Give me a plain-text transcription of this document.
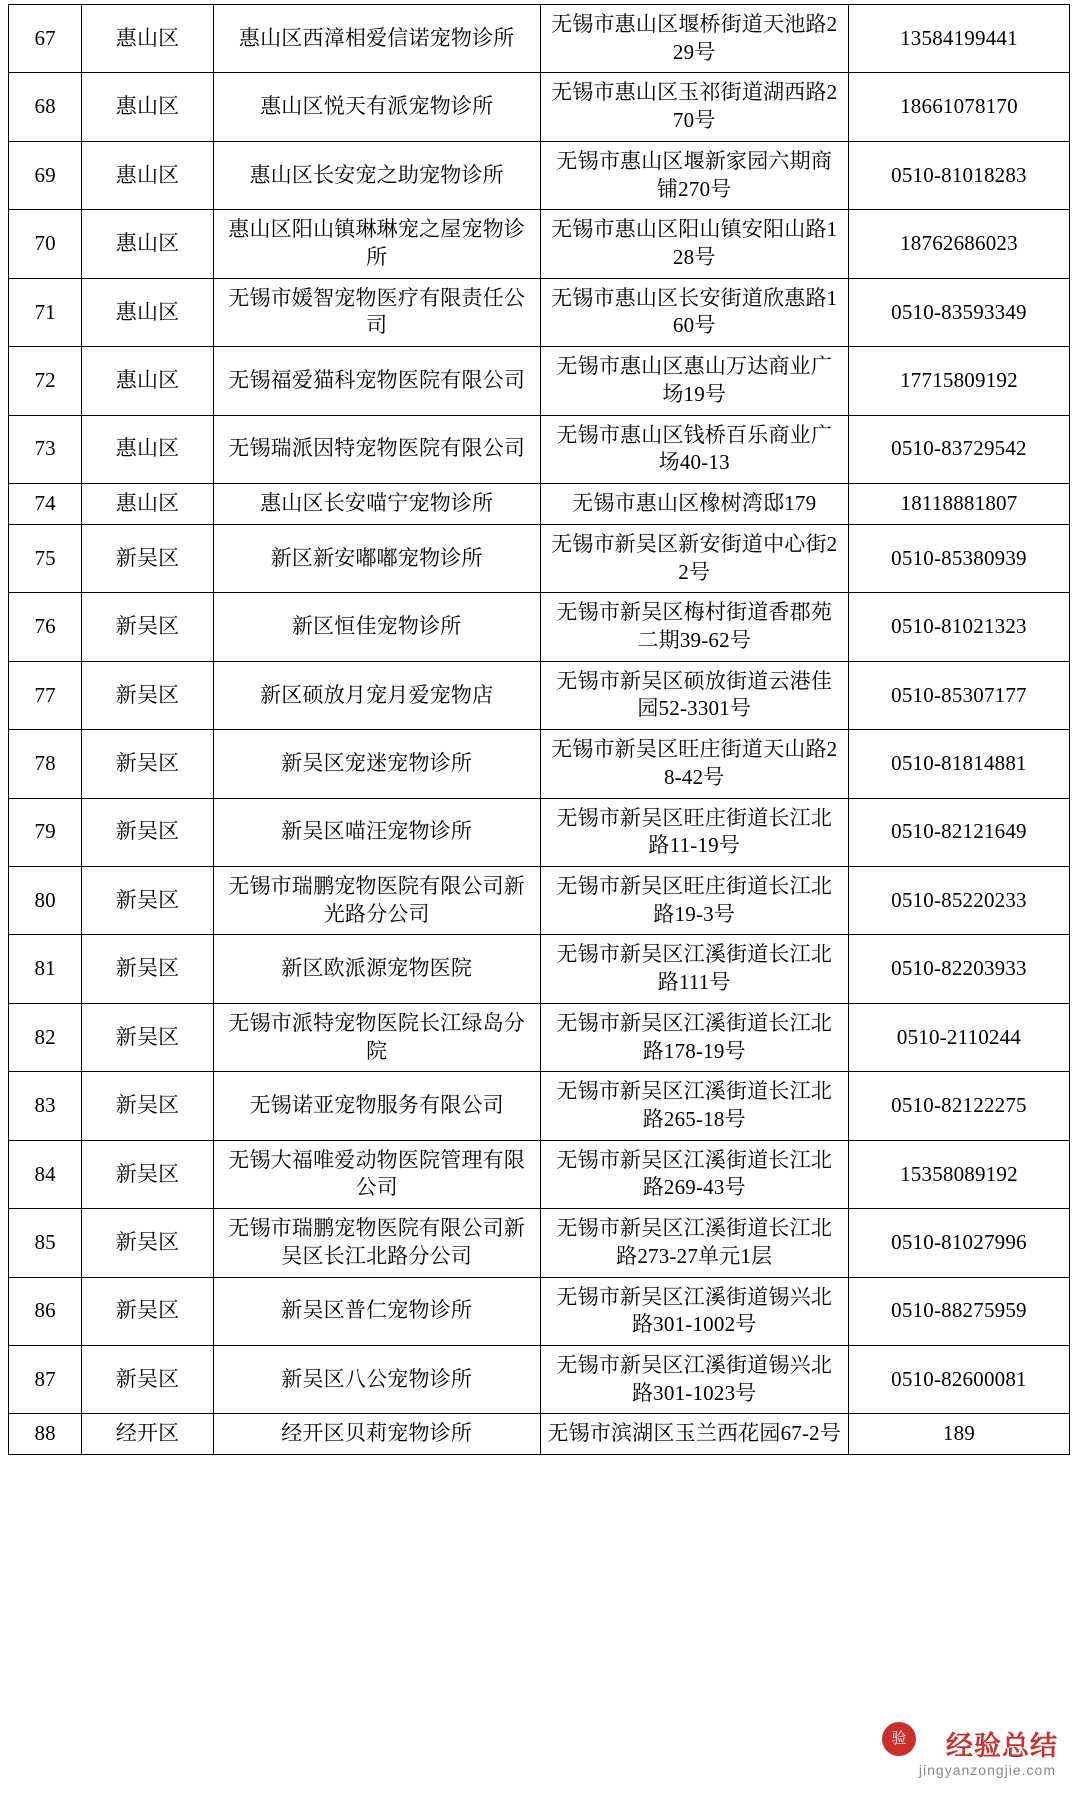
67	惠山区	惠山区西漳相爱信诺宠物诊所	无锡市惠山区堰桥街道天池路229号	13584199441
68	惠山区	惠山区悦天有派宠物诊所	无锡市惠山区玉祁街道湖西路270号	18661078170
69	惠山区	惠山区长安宠之助宠物诊所	无锡市惠山区堰新家园六期商铺270号	0510-81018283
70	惠山区	惠山区阳山镇琳琳宠之屋宠物诊所	无锡市惠山区阳山镇安阳山路128号	18762686023
71	惠山区	无锡市媛智宠物医疗有限责任公司	无锡市惠山区长安街道欣惠路160号	0510-83593349
72	惠山区	无锡福爱猫科宠物医院有限公司	无锡市惠山区惠山万达商业广场19号	17715809192
73	惠山区	无锡瑞派因特宠物医院有限公司	无锡市惠山区钱桥百乐商业广场40-13	0510-83729542
74	惠山区	惠山区长安喵宁宠物诊所	无锡市惠山区橡树湾邸179	18118881807
75	新吴区	新区新安嘟嘟宠物诊所	无锡市新吴区新安街道中心街22号	0510-85380939
76	新吴区	新区恒佳宠物诊所	无锡市新吴区梅村街道香郡苑二期39-62号	0510-81021323
77	新吴区	新区硕放月宠月爱宠物店	无锡市新吴区硕放街道云港佳园52-3301号	0510-85307177
78	新吴区	新吴区宠迷宠物诊所	无锡市新吴区旺庄街道天山路28-42号	0510-81814881
79	新吴区	新吴区喵汪宠物诊所	无锡市新吴区旺庄街道长江北路11-19号	0510-82121649
80	新吴区	无锡市瑞鹏宠物医院有限公司新光路分公司	无锡市新吴区旺庄街道长江北路19-3号	0510-85220233
81	新吴区	新区欧派源宠物医院	无锡市新吴区江溪街道长江北路111号	0510-82203933
82	新吴区	无锡市派特宠物医院长江绿岛分院	无锡市新吴区江溪街道长江北路178-19号	0510-2110244
83	新吴区	无锡诺亚宠物服务有限公司	无锡市新吴区江溪街道长江北路265-18号	0510-82122275
84	新吴区	无锡大福唯爱动物医院管理有限公司	无锡市新吴区江溪街道长江北路269-43号	15358089192
85	新吴区	无锡市瑞鹏宠物医院有限公司新吴区长江北路分公司	无锡市新吴区江溪街道长江北路273-27单元1层	0510-81027996
86	新吴区	新吴区普仁宠物诊所	无锡市新吴区江溪街道锡兴北路301-1002号	0510-88275959
87	新吴区	新吴区八公宠物诊所	无锡市新吴区江溪街道锡兴北路301-1023号	0510-82600081
88	经开区	经开区贝莉宠物诊所	无锡市滨湖区玉兰西花园67-2号	189
验	经验总结
jingyanzongjie.com
